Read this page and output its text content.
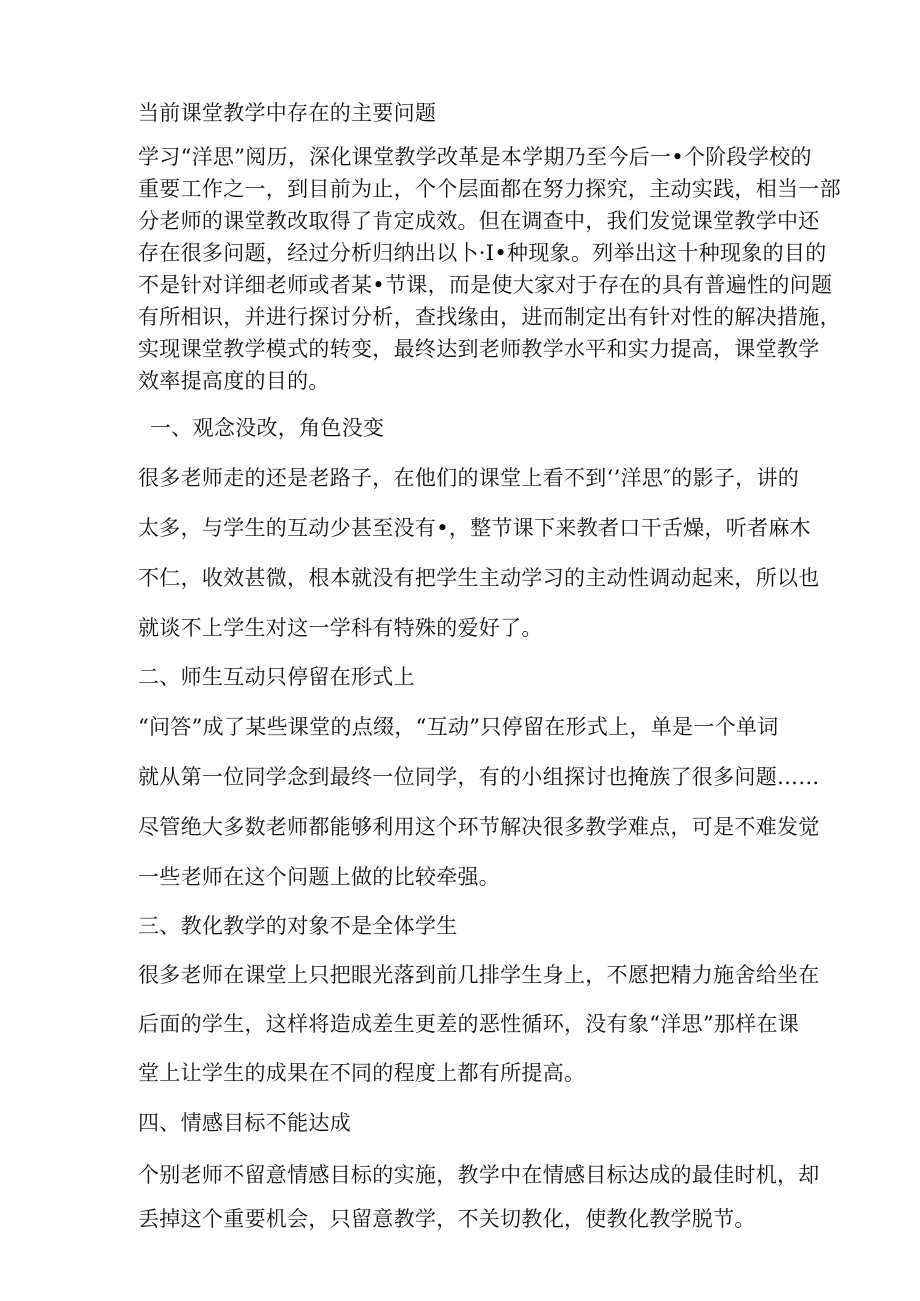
当前课堂教学中存在的主要问题
学习“洋思”阅历，深化课堂教学改革是本学期乃至今后一•个阶段学校的
重要工作之一，到目前为止，个个层面都在努力探究，主动实践，相当一部
分老师的课堂教改取得了肯定成效。但在调查中，我们发觉课堂教学中还
存在很多问题，经过分析归纳出以卜·I•种现象。列举出这十种现象的目的
不是针对详细老师或者某•节课，而是使大家对于存在的具有普遍性的问题
有所相识，并进行探讨分析，查找缘由，进而制定出有针对性的解决措施，
实现课堂教学模式的转变，最终达到老师教学水平和实力提高，课堂教学
效率提高度的目的。
一、观念没改，角色没变
很多老师走的还是老路子，在他们的课堂上看不到‘’洋思″的影子，讲的
太多，与学生的互动少甚至没有•，整节课下来教者口干舌燥，听者麻木
不仁，收效甚微，根本就没有把学生主动学习的主动性调动起来，所以也
就谈不上学生对这一学科有特殊的爱好了。
二、师生互动只停留在形式上
“问答”成了某些课堂的点缀，“互动”只停留在形式上，单是一个单词
就从第一位同学念到最终一位同学，有的小组探讨也掩族了很多问题……
尽管绝大多数老师都能够利用这个环节解决很多教学难点，可是不难发觉
一些老师在这个问题上做的比较牵强。
三、教化教学的对象不是全体学生
很多老师在课堂上只把眼光落到前几排学生身上，不愿把精力施舍给坐在
后面的学生，这样将造成差生更差的恶性循环，没有象“洋思”那样在课
堂上让学生的成果在不同的程度上都有所提高。
四、情感目标不能达成
个别老师不留意情感目标的实施，教学中在情感目标达成的最佳时机，却
丢掉这个重要机会，只留意教学，不关切教化，使教化教学脱节。
